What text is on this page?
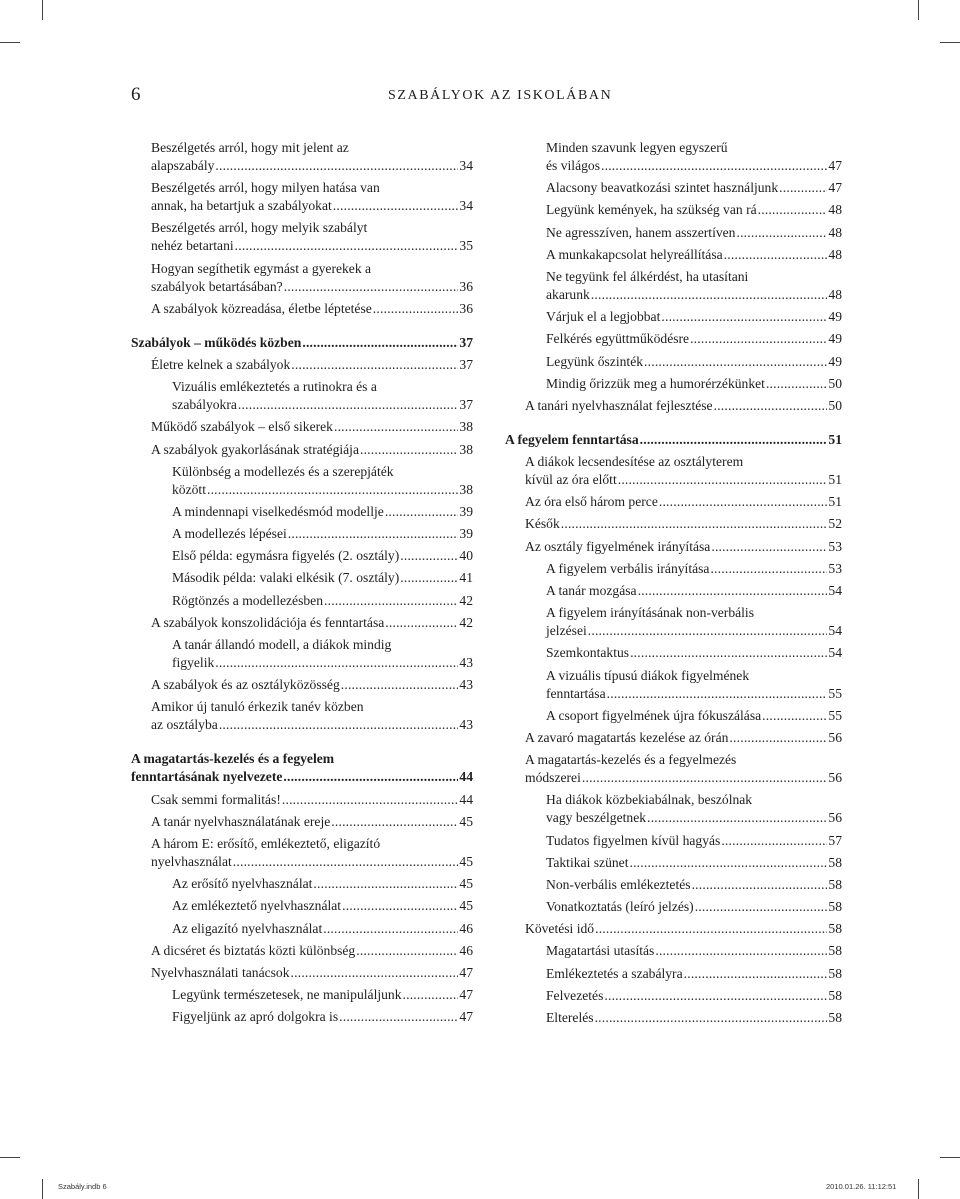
6	SZABÁLYOK AZ ISKOLÁBAN
Beszélgetés arról, hogy mit jelent az
alapszabály .....	34
Beszélgetés arról, hogy milyen hatása van
annak, ha betartjuk a szabályokat .....	34
Beszélgetés arról, hogy melyik szabályt
nehéz betartani .....	35
Hogyan segíthetik egymást a gyerekek a
szabályok betartásában? .....	36
A szabályok közreadása, életbe léptetése .....	36
Szabályok – működés közben .....	37
Életre kelnek a szabályok .....	37
Vizuális emlékeztetés a rutinokra és a
szabályokra .....	37
Működő szabályok – első sikerek .....	38
A szabályok gyakorlásának stratégiája .....	38
Különbség a modellezés és a szerepjáték
között .....	38
A mindennapi viselkedésmód modellje .....	39
A modellezés lépései .....	39
Első példa: egymásra figyelés (2. osztály) .....	40
Második példa: valaki elkésik (7. osztály) .....	41
Rögtönzés a modellezésben .....	42
A szabályok konszolidációja és fenntartása .....	42
A tanár állandó modell, a diákok mindig
figyelik .....	43
A szabályok és az osztályközösség .....	43
Amikor új tanuló érkezik tanév közben
az osztályba .....	43
A magatartás-kezelés és a fegyelem
fenntartásának nyelvezete .....	44
Csak semmi formalitás! .....	44
A tanár nyelvhasználatának ereje .....	45
A három E: erősítő, emlékeztető, eligazító
nyelvhasználat .....	45
Az erősítő nyelvhasználat .....	45
Az emlékeztető nyelvhasználat .....	45
Az eligazító nyelvhasználat .....	46
A dicséret és biztatás közti különbség .....	46
Nyelvhasználati tanácsok .....	47
Legyünk természetesek, ne manipuláljunk .....	47
Figyeljünk az apró dolgokra is .....	47
Minden szavunk legyen egyszerű
és világos .....	47
Alacsony beavatkozási szintet használjunk .....	47
Legyünk kemények, ha szükség van rá .....	48
Ne agresszíven, hanem asszertíven .....	48
A munkakapcsolat helyreállítása .....	48
Ne tegyünk fel álkérdést, ha utasítani
akarunk .....	48
Várjuk el a legjobbat .....	49
Felkérés együttműködésre .....	49
Legyünk őszinték .....	49
Mindig őrizzük meg a humorérzékünket .....	50
A tanári nyelvhasználat fejlesztése .....	50
A fegyelem fenntartása .....	51
A diákok lecsendesítése az osztályterem
kívül az óra előtt .....	51
Az óra első három perce .....	51
Késők .....	52
Az osztály figyelmének irányítása .....	53
A figyelem verbális irányítása .....	53
A tanár mozgása .....	54
A figyelem irányításának non-verbális
jelzései .....	54
Szemkontaktus .....	54
A vizuális típusú diákok figyelmének
fenntartása .....	55
A csoport figyelmének újra fókuszálása .....	55
A zavaró magatartás kezelése az órán .....	56
A magatartás-kezelés és a fegyelmezés
módszerei .....	56
Ha diákok közbekiabálnak, beszólnak
vagy beszélgetnek .....	56
Tudatos figyelmen kívül hagyás .....	57
Taktikai szünet .....	58
Non-verbális emlékeztetés .....	58
Vonatkoztatás (leíró jelzés) .....	58
Követési idő .....	58
Magatartási utasítás .....	58
Emlékeztetés a szabályra .....	58
Felvezetés .....	58
Elterelés .....	58
Szabály.indb 6	2010.01.26. 11:12:51
